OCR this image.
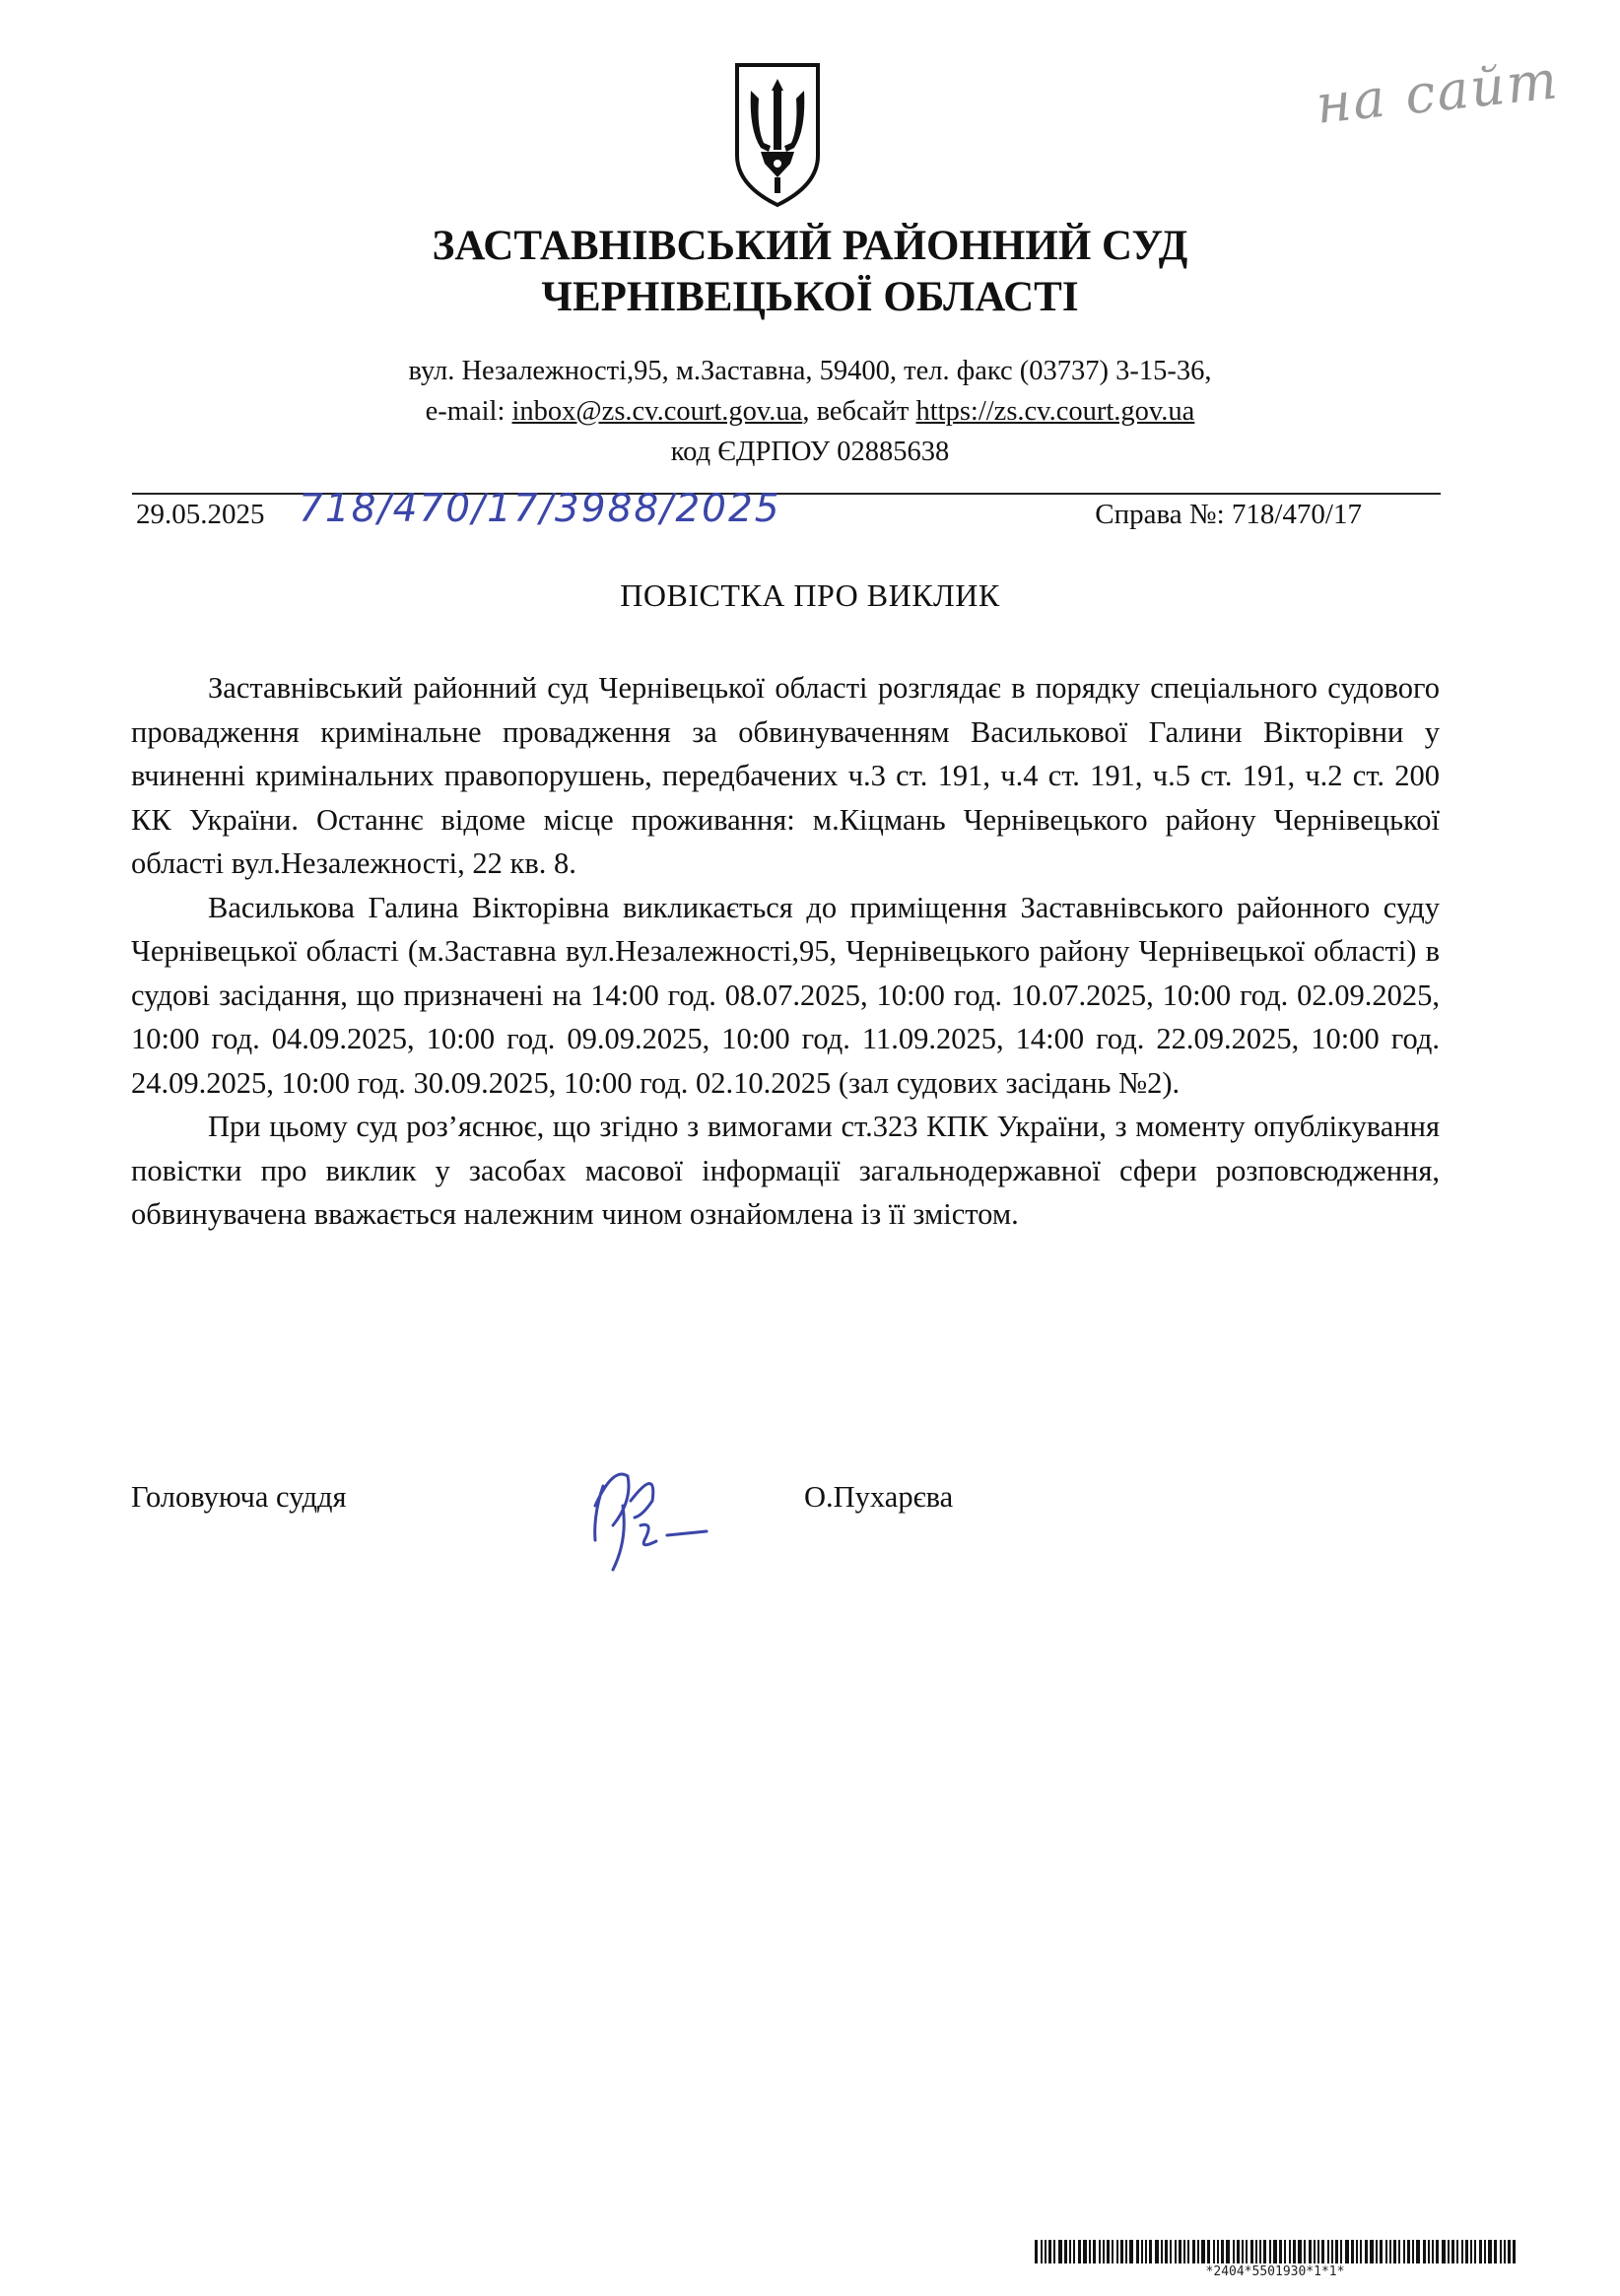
на сайт
ЗАСТАВНІВСЬКИЙ РАЙОННИЙ СУД
ЧЕРНІВЕЦЬКОЇ ОБЛАСТІ
вул. Незалежності,95, м.Заставна, 59400, тел. факс (03737) 3-15-36,
e-mail: inbox@zs.cv.court.gov.ua, вебсайт https://zs.cv.court.gov.ua
код ЄДРПОУ 02885638
29.05.2025 718/470/17/3988/2025	Справа №: 718/470/17
ПОВІСТКА ПРО ВИКЛИК

Заставнівський районний суд Чернівецької області розглядає в порядку спеціального судового провадження кримінальне провадження за обвинуваченням Василькової Галини Вікторівни у вчиненні кримінальних правопорушень, передбачених ч.3 ст. 191, ч.4 ст. 191, ч.5 ст. 191, ч.2 ст. 200 КК України. Останнє відоме місце проживання: м.Кіцмань Чернівецького району Чернівецької області вул.Незалежності, 22 кв. 8.

Василькова Галина Вікторівна викликається до приміщення Заставнівського районного суду Чернівецької області (м.Заставна вул.Незалежності,95, Чернівецького району Чернівецької області) в судові засідання, що призначені на 14:00 год. 08.07.2025, 10:00 год. 10.07.2025, 10:00 год. 02.09.2025, 10:00 год. 04.09.2025, 10:00 год. 09.09.2025, 10:00 год. 11.09.2025, 14:00 год. 22.09.2025, 10:00 год. 24.09.2025, 10:00 год. 30.09.2025, 10:00 год. 02.10.2025 (зал судових засідань №2).

При цьому суд роз’яснює, що згідно з вимогами ст.323 КПК України, з моменту опублікування повістки про виклик у засобах масової інформації загальнодержавної сфери розповсюдження, обвинувачена вважається належним чином ознайомлена із її змістом.

Головуюча суддя	О.Пухарєва
*2404*5501930*1*1*
